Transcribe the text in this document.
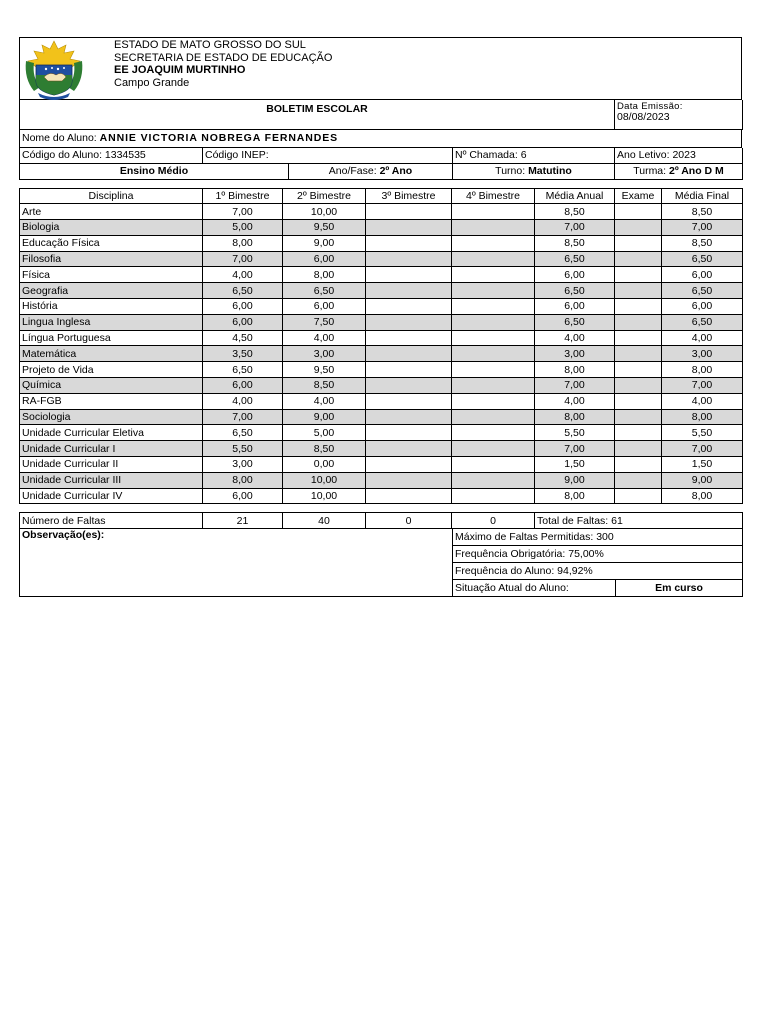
ESTADO DE MATO GROSSO DO SUL
SECRETARIA DE ESTADO DE EDUCAÇÃO
EE JOAQUIM MURTINHO
Campo Grande
BOLETIM ESCOLAR	Data Emissão:
08/08/2023
Nome do Aluno: ANNIE VICTORIA NOBREGA FERNANDES
Código do Aluno: 1334535	Código INEP:		Nº Chamada: 6	Ano Letivo: 2023
Ensino Médio		Ano/Fase: 2º Ano	Turno: Matutino	Turma: 2º Ano D M
Disciplina	1º Bimestre	2º Bimestre	3º Bimestre	4º Bimestre	Média Anual	Exame	Média Final
Arte	7,00	10,00			8,50		8,50
Biologia	5,00	9,50			7,00		7,00
Educação Física	8,00	9,00			8,50		8,50
Filosofia	7,00	6,00			6,50		6,50
Física	4,00	8,00			6,00		6,00
Geografia	6,50	6,50			6,50		6,50
História	6,00	6,00			6,00		6,00
Lingua Inglesa	6,00	7,50			6,50		6,50
Língua Portuguesa	4,50	4,00			4,00		4,00
Matemática	3,50	3,00			3,00		3,00
Projeto de Vida	6,50	9,50			8,00		8,00
Química	6,00	8,50			7,00		7,00
RA-FGB	4,00	4,00			4,00		4,00
Sociologia	7,00	9,00			8,00		8,00
Unidade Curricular Eletiva	6,50	5,00			5,50		5,50
Unidade Curricular I	5,50	8,50			7,00		7,00
Unidade Curricular II	3,00	0,00			1,50		1,50
Unidade Curricular III	8,00	10,00			9,00		9,00
Unidade Curricular IV	6,00	10,00			8,00		8,00
Número de Faltas	21	40	0	0	Total de Faltas: 61
Observação(es):	Máximo de Faltas Permitidas: 300	
	Frequência Obrigatória: 75,00%	
	Frequência do Aluno: 94,92%	
	Situação Atual do Aluno:	Em curso
